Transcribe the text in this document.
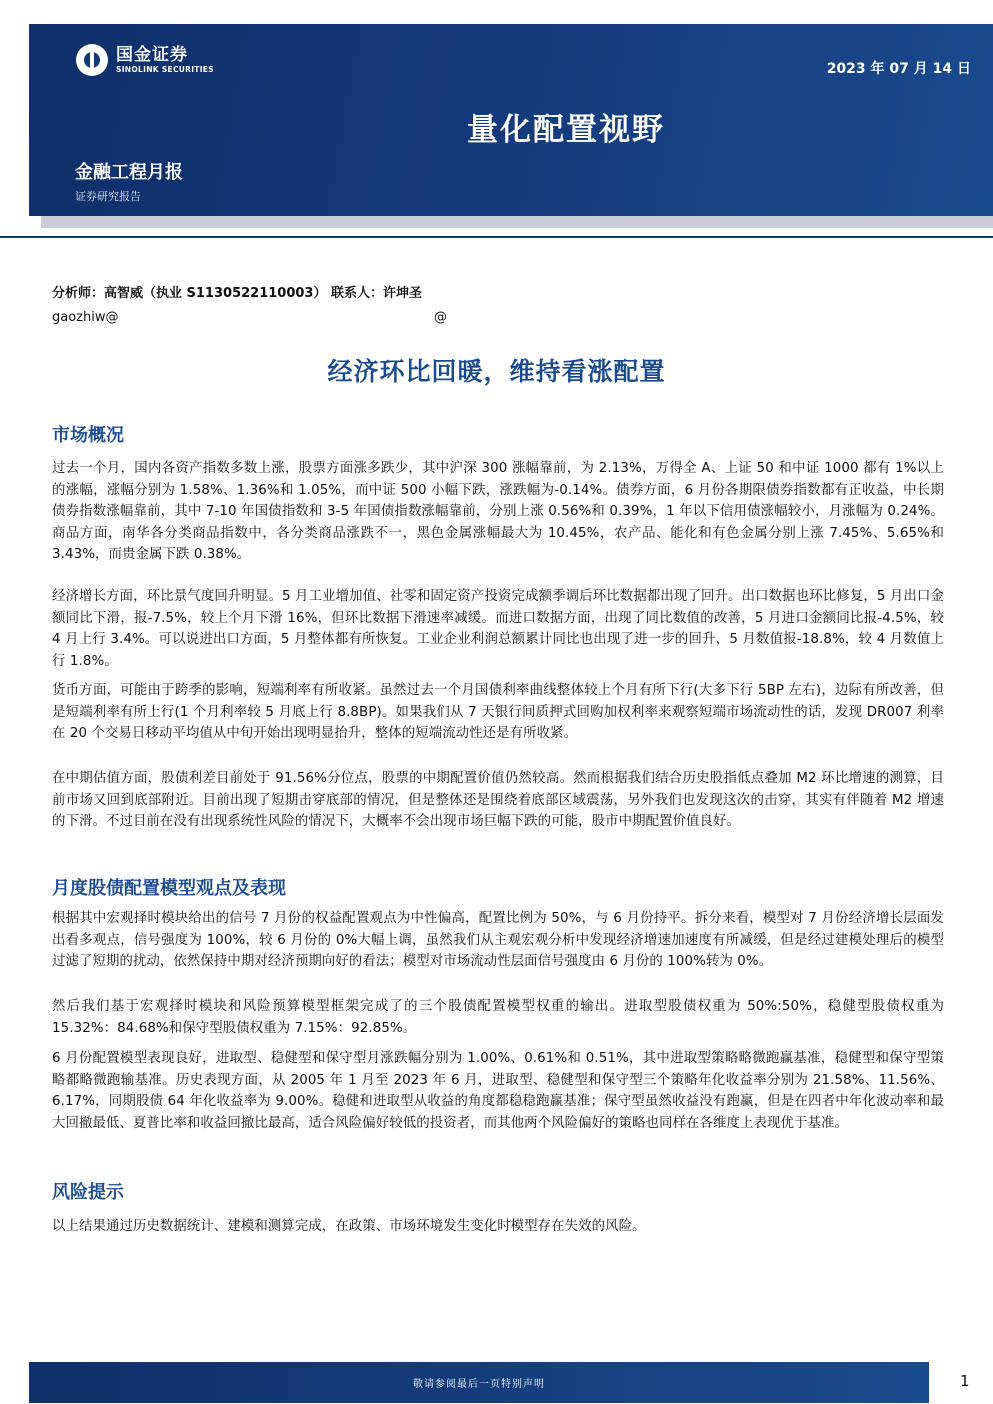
国金证券
SINOLINK SECURITIES	2023 年 07 月 14 日
量化配置视野
金融工程月报
证券研究报告
分析师：高智威（执业 S1130522110003） 联系人：许坤圣
gaozhiw@	@
经济环比回暖，维持看涨配置
市场概况
过去一个月，国内各资产指数多数上涨，股票方面涨多跌少，其中沪深 300 涨幅靠前，为 2.13%，万得全 A、上证 50 和中证 1000 都有 1%以上的涨幅，涨幅分别为 1.58%、1.36%和 1.05%，而中证 500 小幅下跌，涨跌幅为-0.14%。债券方面，6 月份各期限债券指数都有正收益，中长期债券指数涨幅靠前，其中 7-10 年国债指数和 3-5 年国债指数涨幅靠前，分别上涨 0.56%和 0.39%，1 年以下信用债涨幅较小，月涨幅为 0.24%。商品方面，南华各分类商品指数中，各分类商品涨跌不一，黑色金属涨幅最大为 10.45%，农产品、能化和有色金属分别上涨 7.45%、5.65%和 3.43%，而贵金属下跌 0.38%。
经济增长方面，环比景气度回升明显。5 月工业增加值、社零和固定资产投资完成额季调后环比数据都出现了回升。出口数据也环比修复，5 月出口金额同比下滑，报-7.5%，较上个月下滑 16%，但环比数据下滑速率减缓。而进口数据方面，出现了同比数值的改善，5 月进口金额同比报-4.5%，较 4 月上行 3.4%。可以说进出口方面，5 月整体都有所恢复。工业企业利润总额累计同比也出现了进一步的回升，5 月数值报-18.8%，较 4 月数值上行 1.8%。
货币方面，可能由于跨季的影响，短端利率有所收紧。虽然过去一个月国债利率曲线整体较上个月有所下行(大多下行 5BP 左右)，边际有所改善，但是短端利率有所上行(1 个月利率较 5 月底上行 8.8BP)。如果我们从 7 天银行间质押式回购加权利率来观察短端市场流动性的话，发现 DR007 利率在 20 个交易日移动平均值从中旬开始出现明显抬升，整体的短端流动性还是有所收紧。
在中期估值方面，股债利差目前处于 91.56%分位点，股票的中期配置价值仍然较高。然而根据我们结合历史股指低点叠加 M2 环比增速的测算，目前市场又回到底部附近。目前出现了短期击穿底部的情况，但是整体还是围绕着底部区域震荡，另外我们也发现这次的击穿，其实有伴随着 M2 增速的下滑。不过目前在没有出现系统性风险的情况下，大概率不会出现市场巨幅下跌的可能，股市中期配置价值良好。
月度股债配置模型观点及表现
根据其中宏观择时模块给出的信号 7 月份的权益配置观点为中性偏高，配置比例为 50%，与 6 月份持平。拆分来看，模型对 7 月份经济增长层面发出看多观点，信号强度为 100%，较 6 月份的 0%大幅上调，虽然我们从主观宏观分析中发现经济增速加速度有所减缓，但是经过建模处理后的模型过滤了短期的扰动，依然保持中期对经济预期向好的看法；模型对市场流动性层面信号强度由 6 月份的 100%转为 0%。
然后我们基于宏观择时模块和风险预算模型框架完成了的三个股债配置模型权重的输出。进取型股债权重为 50%:50%，稳健型股债权重为 15.32%：84.68%和保守型股债权重为 7.15%：92.85%。
6 月份配置模型表现良好，进取型、稳健型和保守型月涨跌幅分别为 1.00%、0.61%和 0.51%，其中进取型策略略微跑赢基准，稳健型和保守型策略都略微跑输基准。历史表现方面，从 2005 年 1 月至 2023 年 6 月，进取型、稳健型和保守型三个策略年化收益率分别为 21.58%、11.56%、6.17%，同期股债 64 年化收益率为 9.00%。稳健和进取型从收益的角度都稳稳跑赢基准；保守型虽然收益没有跑赢，但是在四者中年化波动率和最大回撤最低、夏普比率和收益回撤比最高，适合风险偏好较低的投资者，而其他两个风险偏好的策略也同样在各维度上表现优于基准。
风险提示
以上结果通过历史数据统计、建模和测算完成，在政策、市场环境发生变化时模型存在失效的风险。
敬请参阅最后一页特别声明	1
